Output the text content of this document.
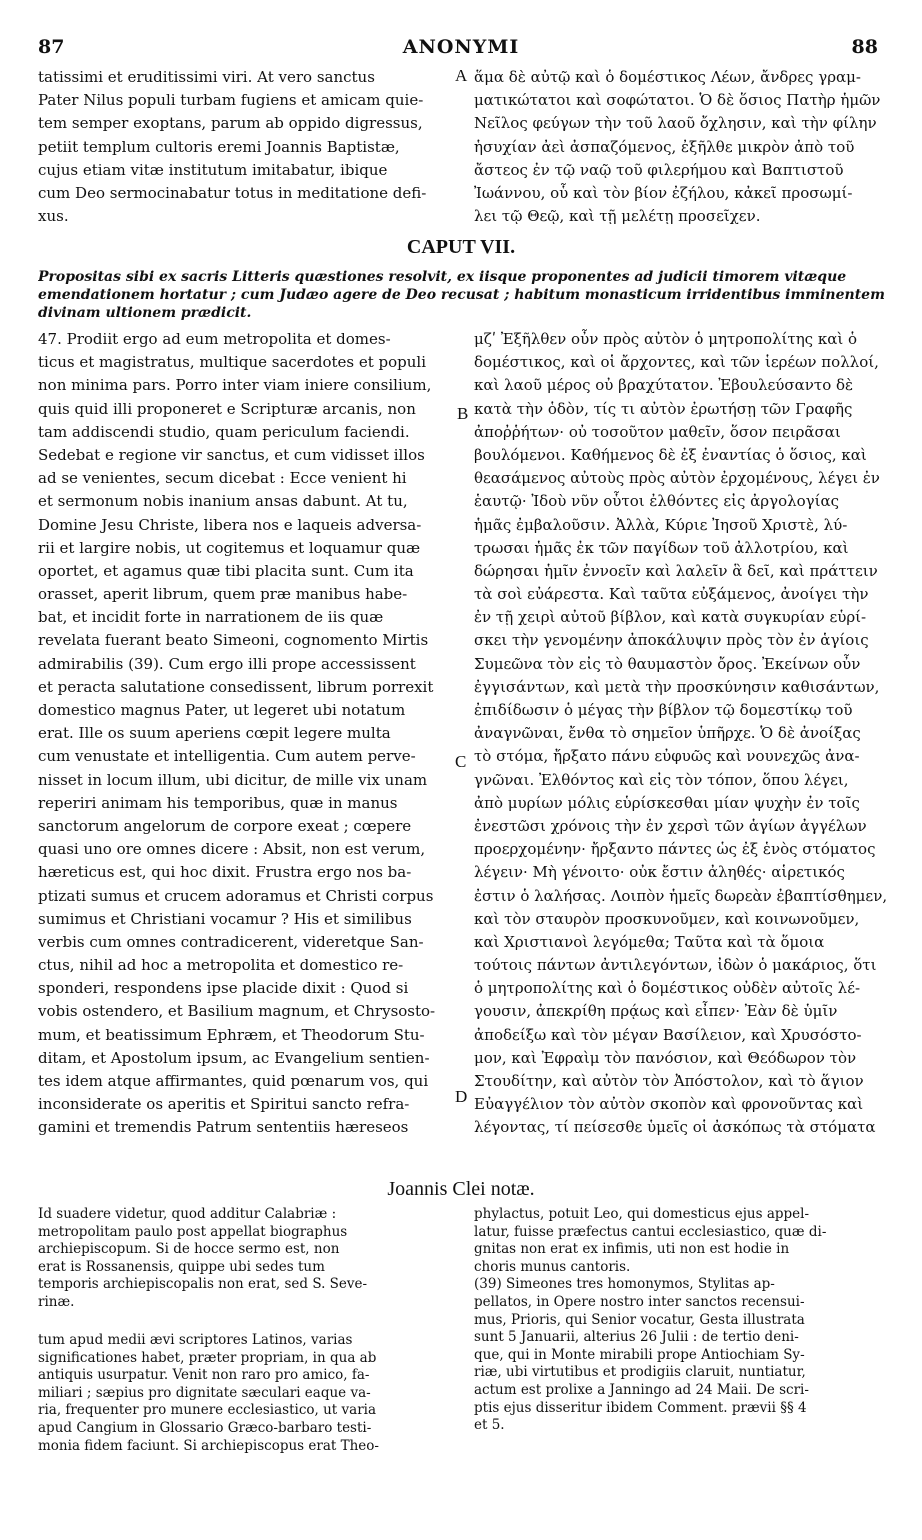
87	ANONYMI	88
tatissimi et eruditissimi viri. At vero sanctus
Pater Nilus populi turbam fugiens et amicam quie-
tem semper exoptans, parum ab oppido digressus,
petiit templum cultoris eremi Joannis Baptistæ,
cujus etiam vitæ institutum imitabatur, ibique
cum Deo sermocinabatur totus in meditatione defi-
xus.
ἅμα δὲ αὐτῷ καὶ ὁ δομέστικος Λέων, ἄνδρες γραμ-
ματικώτατοι καὶ σοφώτατοι. Ὁ δὲ ὅσιος Πατὴρ ἡμῶν
Νεῖλος φεύγων τὴν τοῦ λαοῦ ὄχλησιν, καὶ τὴν φίλην
ἡσυχίαν ἀεὶ ἀσπαζόμενος, ἐξῆλθε μικρὸν ἀπὸ τοῦ
ἄστεος ἐν τῷ ναῷ τοῦ φιλερήμου καὶ Βαπτιστοῦ
Ἰωάννου, οὗ καὶ τὸν βίον ἐζήλου, κἀκεῖ προσωμί-
λει τῷ Θεῷ, καὶ τῇ μελέτῃ προσεῖχεν.
CAPUT VII.
Propositas sibi ex sacris Litteris quæstiones resolvit, ex iisque proponentes ad judicii timorem vitæque
emendationem hortatur ; cum Judæo agere de Deo recusat ; habitum monasticum irridentibus imminentem
divinam ultionem prædicit.
47. Prodiit ergo ad eum metropolita et domes-
ticus et magistratus, multique sacerdotes et populi
non minima pars. Porro inter viam iniere consilium,
quis quid illi proponeret e Scripturæ arcanis, non
tam addiscendi studio, quam periculum faciendi.
Sedebat e regione vir sanctus, et cum vidisset illos
ad se venientes, secum dicebat : Ecce venient hi
et sermonum nobis inanium ansas dabunt. At tu,
Domine Jesu Christe, libera nos e laqueis adversa-
rii et largire nobis, ut cogitemus et loquamur quæ
oportet, et agamus quæ tibi placita sunt. Cum ita
orasset, aperit librum, quem præ manibus habe-
bat, et incidit forte in narrationem de iis quæ
revelata fuerant beato Simeoni, cognomento Mirtis
admirabilis (39). Cum ergo illi prope accessissent
et peracta salutatione consedissent, librum porrexit
domestico magnus Pater, ut legeret ubi notatum
erat. Ille os suum aperiens cœpit legere multa
cum venustate et intelligentia. Cum autem perve-
nisset in locum illum, ubi dicitur, de mille vix unam
reperiri animam his temporibus, quæ in manus
sanctorum angelorum de corpore exeat ; cœpere
quasi uno ore omnes dicere : Absit, non est verum,
hæreticus est, qui hoc dixit. Frustra ergo nos ba-
ptizati sumus et crucem adoramus et Christi corpus
sumimus et Christiani vocamur ? His et similibus
verbis cum omnes contradicerent, videretque San-
ctus, nihil ad hoc a metropolita et domestico re-
sponderi, respondens ipse placide dixit : Quod si
vobis ostendero, et Basilium magnum, et Chrysosto-
mum, et beatissimum Ephræm, et Theodorum Stu-
ditam, et Apostolum ipsum, ac Evangelium sentien-
tes idem atque affirmantes, quid pœnarum vos, qui
inconsiderate os aperitis et Spiritui sancto refra-
gamini et tremendis Patrum sententiis hæreseos
μζʹ Ἐξῆλθεν οὖν πρὸς αὐτὸν ὁ μητροπολίτης καὶ ὁ
δομέστικος, καὶ οἱ ἄρχοντες, καὶ τῶν ἱερέων πολλοί,
καὶ λαοῦ μέρος οὐ βραχύτατον. Ἐβουλεύσαντο δὲ
κατὰ τὴν ὁδὸν, τίς τι αὐτὸν ἐρωτήσῃ τῶν Γραφῆς
ἀποῤῥήτων· οὐ τοσοῦτον μαθεῖν, ὅσον πειρᾶσαι
βουλόμενοι. Καθήμενος δὲ ἐξ ἐναντίας ὁ ὅσιος, καὶ
θεασάμενος αὐτοὺς πρὸς αὐτὸν ἐρχομένους, λέγει ἐν
ἑαυτῷ· Ἰδοὺ νῦν οὗτοι ἐλθόντες εἰς ἀργολογίας
ἡμᾶς ἐμβαλοῦσιν. Ἀλλὰ, Κύριε Ἰησοῦ Χριστὲ, λύ-
τρωσαι ἡμᾶς ἐκ τῶν παγίδων τοῦ ἀλλοτρίου, καὶ
δώρησαι ἡμῖν ἐννοεῖν καὶ λαλεῖν ἃ δεῖ, καὶ πράττειν
τὰ σοὶ εὐάρεστα. Καὶ ταῦτα εὐξάμενος, ἀνοίγει τὴν
ἐν τῇ χειρὶ αὐτοῦ βίβλον, καὶ κατὰ συγκυρίαν εὑρί-
σκει τὴν γενομένην ἀποκάλυψιν πρὸς τὸν ἐν ἁγίοις
Συμεῶνα τὸν εἰς τὸ θαυμαστὸν ὄρος. Ἐκείνων οὖν
ἐγγισάντων, καὶ μετὰ τὴν προσκύνησιν καθισάντων,
ἐπιδίδωσιν ὁ μέγας τὴν βίβλον τῷ δομεστίκῳ τοῦ
ἀναγνῶναι, ἔνθα τὸ σημεῖον ὑπῆρχε. Ὁ δὲ ἀνοίξας
τὸ στόμα, ἤρξατο πάνυ εὐφυῶς καὶ νουνεχῶς ἀνα-
γνῶναι. Ἐλθόντος καὶ εἰς τὸν τόπον, ὅπου λέγει,
ἀπὸ μυρίων μόλις εὑρίσκεσθαι μίαν ψυχὴν ἐν τοῖς
ἐνεστῶσι χρόνοις τὴν ἐν χερσὶ τῶν ἁγίων ἀγγέλων
προερχομένην· ἤρξαντο πάντες ὡς ἐξ ἑνὸς στόματος
λέγειν· Μὴ γένοιτο· οὐκ ἔστιν ἀληθές· αἱρετικός
ἐστιν ὁ λαλήσας. Λοιπὸν ἡμεῖς δωρεὰν ἐβαπτίσθημεν,
καὶ τὸν σταυρὸν προσκυνοῦμεν, καὶ κοινωνοῦμεν,
καὶ Χριστιανοὶ λεγόμεθα; Ταῦτα καὶ τὰ ὅμοια
τούτοις πάντων ἀντιλεγόντων, ἰδὼν ὁ μακάριος, ὅτι
ὁ μητροπολίτης καὶ ὁ δομέστικος οὐδὲν αὐτοῖς λέ-
γουσιν, ἀπεκρίθη πρᾴως καὶ εἶπεν· Ἐὰν δὲ ὑμῖν
ἀποδείξω καὶ τὸν μέγαν Βασίλειον, καὶ Χρυσόστο-
μον, καὶ Ἐφραὶμ τὸν πανόσιον, καὶ Θεόδωρον τὸν
Στουδίτην, καὶ αὐτὸν τὸν Ἀπόστολον, καὶ τὸ ἅγιον
Εὐαγγέλιον τὸν αὐτὸν σκοπὸν καὶ φρονοῦντας καὶ
λέγοντας, τί πείσεσθε ὑμεῖς οἱ ἀσκόπως τὰ στόματα
A
B
C
D
Joannis Clei notæ.
Id suadere videtur, quod additur Calabriæ :
metropolitam paulo post appellat biographus
archiepiscopum. Si de hocce sermo est, non
erat is Rossanensis, quippe ubi sedes tum
temporis archiepiscopalis non erat, sed S. Seve-
rinæ.
tum apud medii ævi scriptores Latinos, varias
significationes habet, præter propriam, in qua ab
antiquis usurpatur. Venit non raro pro amico, fa-
miliari ; sæpius pro dignitate sæculari eaque va-
ria, frequenter pro munere ecclesiastico, ut varia
apud Cangium in Glossario Græco-barbaro testi-
monia fidem faciunt. Si archiepiscopus erat Theo-
phylactus, potuit Leo, qui domesticus ejus appel-
latur, fuisse præfectus cantui ecclesiastico, quæ di-
gnitas non erat ex infimis, uti non est hodie in
choris munus cantoris.
(39) Simeones tres homonymos, Stylitas ap-
pellatos, in Opere nostro inter sanctos recensui-
mus, Prioris, qui Senior vocatur, Gesta illustrata
sunt 5 Januarii, alterius 26 Julii : de tertio deni-
que, qui in Monte mirabili prope Antiochiam Sy-
riæ, ubi virtutibus et prodigiis claruit, nuntiatur,
actum est prolixe a Janningo ad 24 Maii. De scri-
ptis ejus disseritur ibidem Comment. prævii §§ 4
et 5.
